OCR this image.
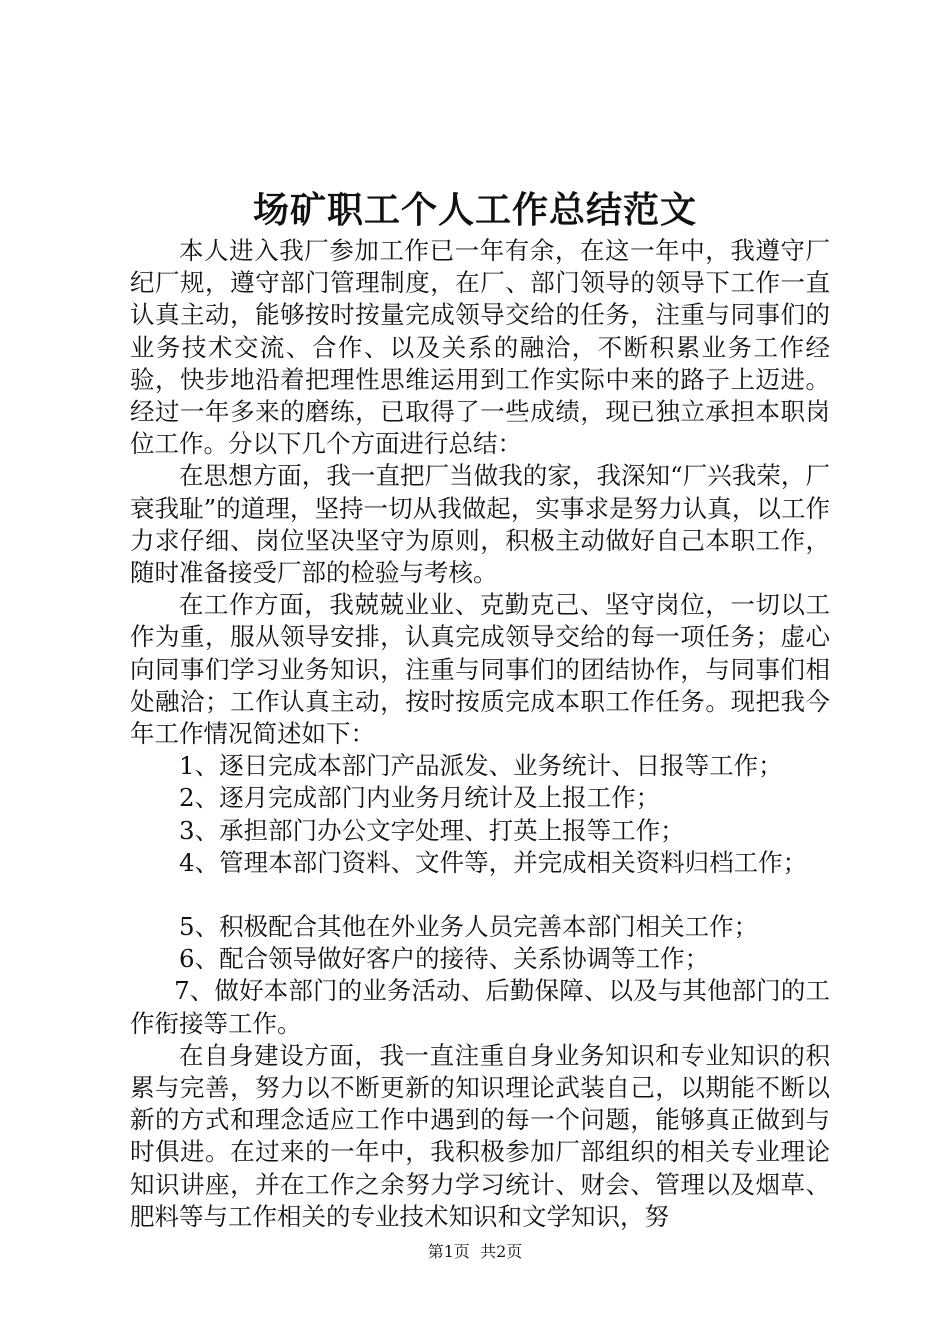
场矿职工个人工作总结范文

本人进入我厂参加工作已一年有余，在这一年中，我遵守厂纪厂规，遵守部门管理制度，在厂、部门领导的领导下工作一直认真主动，能够按时按量完成领导交给的任务，注重与同事们的业务技术交流、合作、以及关系的融洽，不断积累业务工作经验，快步地沿着把理性思维运用到工作实际中来的路子上迈进。经过一年多来的磨练，已取得了一些成绩，现已独立承担本职岗位工作。分以下几个方面进行总结：

在思想方面，我一直把厂当做我的家，我深知“厂兴我荣，厂衰我耻”的道理，坚持一切从我做起，实事求是努力认真，以工作力求仔细、岗位坚决坚守为原则，积极主动做好自己本职工作，随时准备接受厂部的检验与考核。

在工作方面，我兢兢业业、克勤克己、坚守岗位，一切以工作为重，服从领导安排，认真完成领导交给的每一项任务；虚心向同事们学习业务知识，注重与同事们的团结协作，与同事们相处融洽；工作认真主动，按时按质完成本职工作任务。现把我今年工作情况简述如下：

1、逐日完成本部门产品派发、业务统计、日报等工作；

2、逐月完成部门内业务月统计及上报工作；

3、承担部门办公文字处理、打英上报等工作；

4、管理本部门资料、文件等，并完成相关资料归档工作；

5、积极配合其他在外业务人员完善本部门相关工作；

6、配合领导做好客户的接待、关系协调等工作；

7、做好本部门的业务活动、后勤保障、以及与其他部门的工作衔接等工作。

在自身建设方面，我一直注重自身业务知识和专业知识的积累与完善，努力以不断更新的知识理论武装自己，以期能不断以新的方式和理念适应工作中遇到的每一个问题，能够真正做到与时俱进。在过来的一年中，我积极参加厂部组织的相关专业理论知识讲座，并在工作之余努力学习统计、财会、管理以及烟草、肥料等与工作相关的专业技术知识和文学知识，努

第1页  共2页
